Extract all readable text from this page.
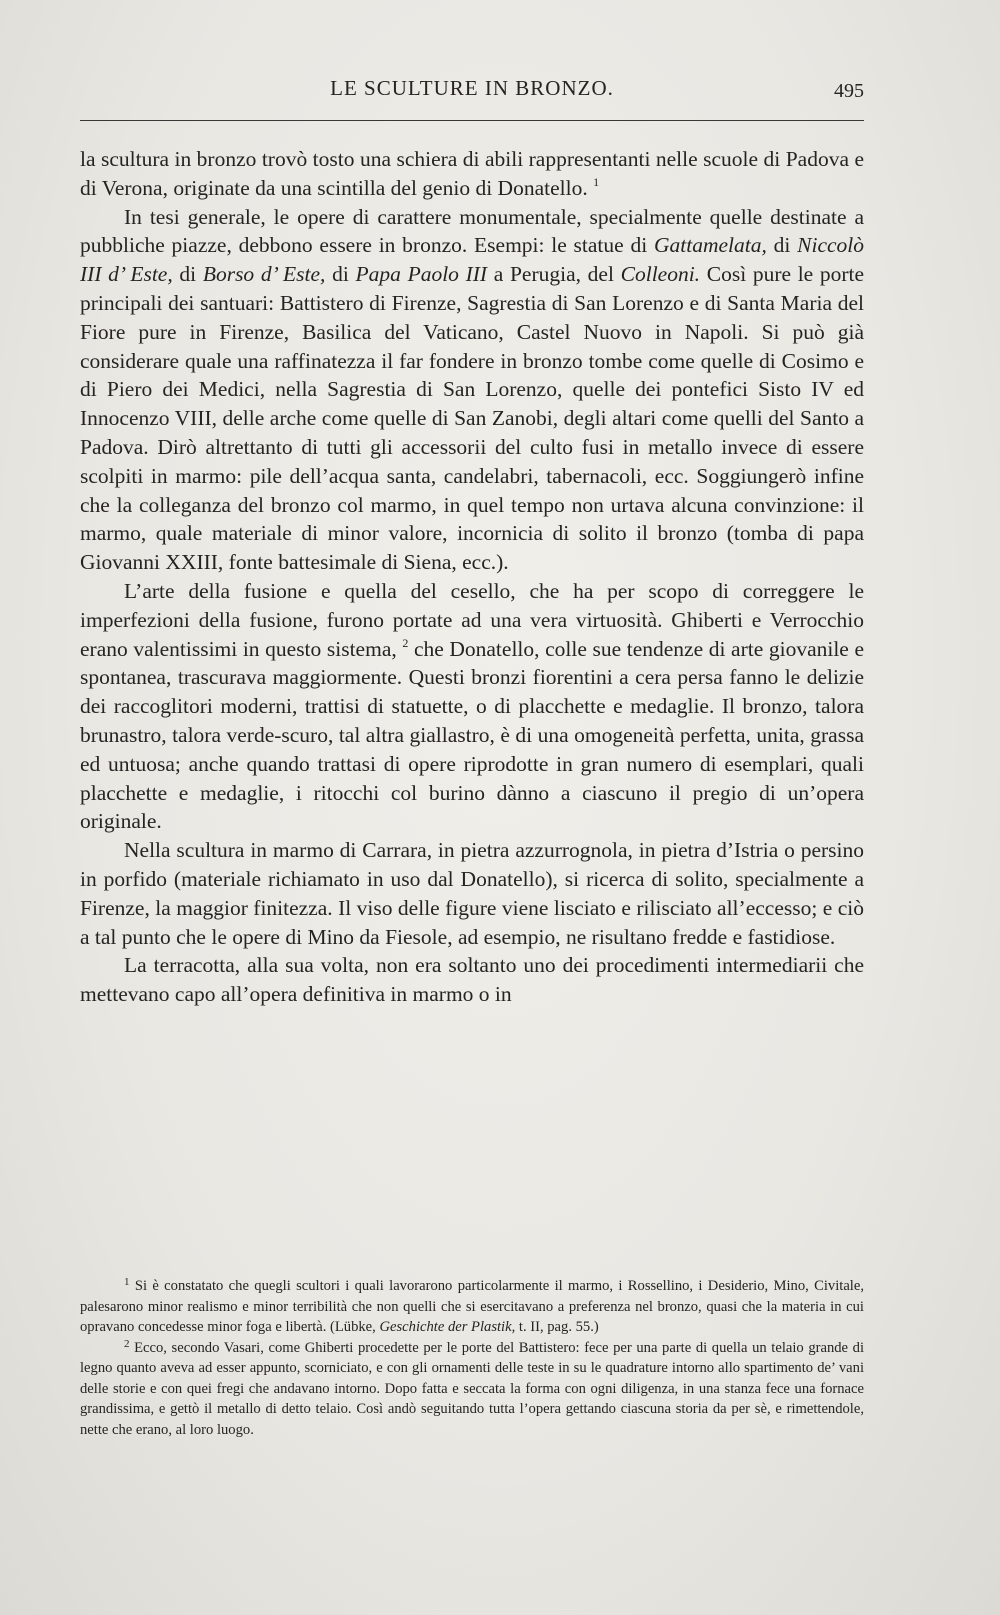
LE SCULTURE IN BRONZO.	495

la scultura in bronzo trovò tosto una schiera di abili rappresentanti nelle scuole di Padova e di Verona, originate da una scintilla del genio di Donatello. $^1$

In tesi generale, le opere di carattere monumentale, specialmente quelle destinate a pubbliche piazze, debbono essere in bronzo. Esempi: le statue di Gattamelata, di Niccolò III d’ Este, di Borso d’ Este, di Papa Paolo III a Perugia, del Colleoni. Così pure le porte principali dei santuari: Battistero di Firenze, Sagrestia di San Lorenzo e di Santa Maria del Fiore pure in Firenze, Basilica del Vaticano, Castel Nuovo in Napoli. Si può già considerare quale una raffinatezza il far fondere in bronzo tombe come quelle di Cosimo e di Piero dei Medici, nella Sagrestia di San Lorenzo, quelle dei pontefici Sisto IV ed Innocenzo VIII, delle arche come quelle di San Zanobi, degli altari come quelli del Santo a Padova. Dirò altrettanto di tutti gli accessorii del culto fusi in metallo invece di essere scolpiti in marmo: pile dell’acqua santa, candelabri, tabernacoli, ecc. Soggiungerò infine che la colleganza del bronzo col marmo, in quel tempo non urtava alcuna convinzione: il marmo, quale materiale di minor valore, incornicia di solito il bronzo (tomba di papa Giovanni XXIII, fonte battesimale di Siena, ecc.).

L’arte della fusione e quella del cesello, che ha per scopo di correggere le imperfezioni della fusione, furono portate ad una vera virtuosità. Ghiberti e Verrocchio erano valentissimi in questo sistema, $^2$ che Donatello, colle sue tendenze di arte giovanile e spontanea, trascurava maggiormente. Questi bronzi fiorentini a cera persa fanno le delizie dei raccoglitori moderni, trattisi di statuette, o di placchette e medaglie. Il bronzo, talora brunastro, talora verde-scuro, tal altra giallastro, è di una omogeneità perfetta, unita, grassa ed untuosa; anche quando trattasi di opere riprodotte in gran numero di esemplari, quali placchette e medaglie, i ritocchi col burino dànno a ciascuno il pregio di un’opera originale.

Nella scultura in marmo di Carrara, in pietra azzurrognola, in pietra d’Istria o persino in porfido (materiale richiamato in uso dal Donatello), si ricerca di solito, specialmente a Firenze, la maggior finitezza. Il viso delle figure viene lisciato e rilisciato all’eccesso; e ciò a tal punto che le opere di Mino da Fiesole, ad esempio, ne risultano fredde e fastidiose.

La terracotta, alla sua volta, non era soltanto uno dei procedimenti intermediarii che mettevano capo all’opera definitiva in marmo o in

$^1$ Si è constatato che quegli scultori i quali lavorarono particolarmente il marmo, i Rossellino, i Desiderio, Mino, Civitale, palesarono minor realismo e minor terribilità che non quelli che si esercitavano a preferenza nel bronzo, quasi che la materia in cui opravano concedesse minor foga e libertà. (Lübke, Geschichte der Plastik, t. II, pag. 55.)

$^2$ Ecco, secondo Vasari, come Ghiberti procedette per le porte del Battistero: fece per una parte di quella un telaio grande di legno quanto aveva ad esser appunto, scorniciato, e con gli ornamenti delle teste in su le quadrature intorno allo spartimento de’ vani delle storie e con quei fregi che andavano intorno. Dopo fatta e seccata la forma con ogni diligenza, in una stanza fece una fornace grandissima, e gettò il metallo di detto telaio. Così andò seguitando tutta l’opera gettando ciascuna storia da per sè, e rimettendole, nette che erano, al loro luogo.
